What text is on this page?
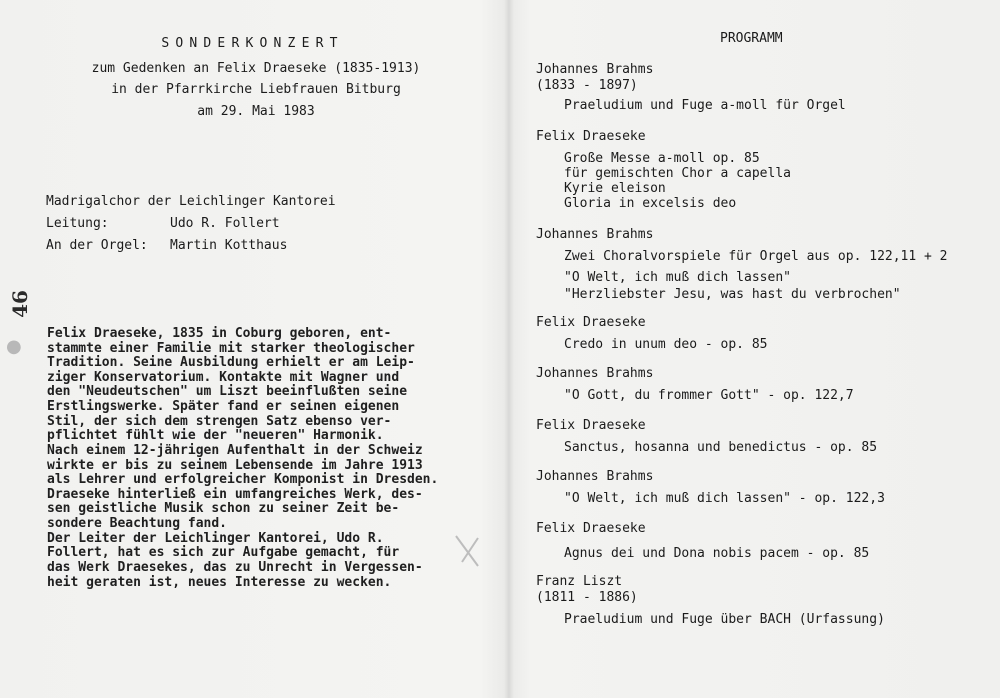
SONDERKONZERT
zum Gedenken an Felix Draeseke (1835-1913)
in der Pfarrkirche Liebfrauen Bitburg
am 29. Mai 1983
Madrigalchor der Leichlinger Kantorei
Leitung:	Udo R. Follert
An der Orgel: Martin Kotthaus
46
●
Felix Draeseke, 1835 in Coburg geboren, ent-
stammte einer Familie mit starker theologischer
Tradition. Seine Ausbildung erhielt er am Leip-
ziger Konservatorium. Kontakte mit Wagner und
den "Neudeutschen" um Liszt beeinflußten seine
Erstlingswerke. Später fand er seinen eigenen
Stil, der sich dem strengen Satz ebenso ver-
pflichtet fühlt wie der "neueren" Harmonik.
Nach einem 12-jährigen Aufenthalt in der Schweiz
wirkte er bis zu seinem Lebensende im Jahre 1913
als Lehrer und erfolgreicher Komponist in Dresden.
Draeseke hinterließ ein umfangreiches Werk, des-
sen geistliche Musik schon zu seiner Zeit be-
sondere Beachtung fand.
Der Leiter der Leichlinger Kantorei, Udo R.
Follert, hat es sich zur Aufgabe gemacht, für
das Werk Draesekes, das zu Unrecht in Vergessen-
heit geraten ist, neues Interesse zu wecken.
PROGRAMM
Johannes Brahms
(1833 - 1897)
Praeludium und Fuge a-moll für Orgel
Felix Draeseke
Große Messe a-moll op. 85
für gemischten Chor a capella
Kyrie eleison
Gloria in excelsis deo
Johannes Brahms
Zwei Choralvorspiele für Orgel aus op. 122,11 + 2
"O Welt, ich muß dich lassen"
"Herzliebster Jesu, was hast du verbrochen"
Felix Draeseke
Credo in unum deo - op. 85
Johannes Brahms
"O Gott, du frommer Gott" - op. 122,7
Felix Draeseke
Sanctus, hosanna und benedictus - op. 85
Johannes Brahms
"O Welt, ich muß dich lassen" - op. 122,3
Felix Draeseke
Agnus dei und Dona nobis pacem - op. 85
Franz Liszt
(1811 - 1886)
Praeludium und Fuge über BACH (Urfassung)
